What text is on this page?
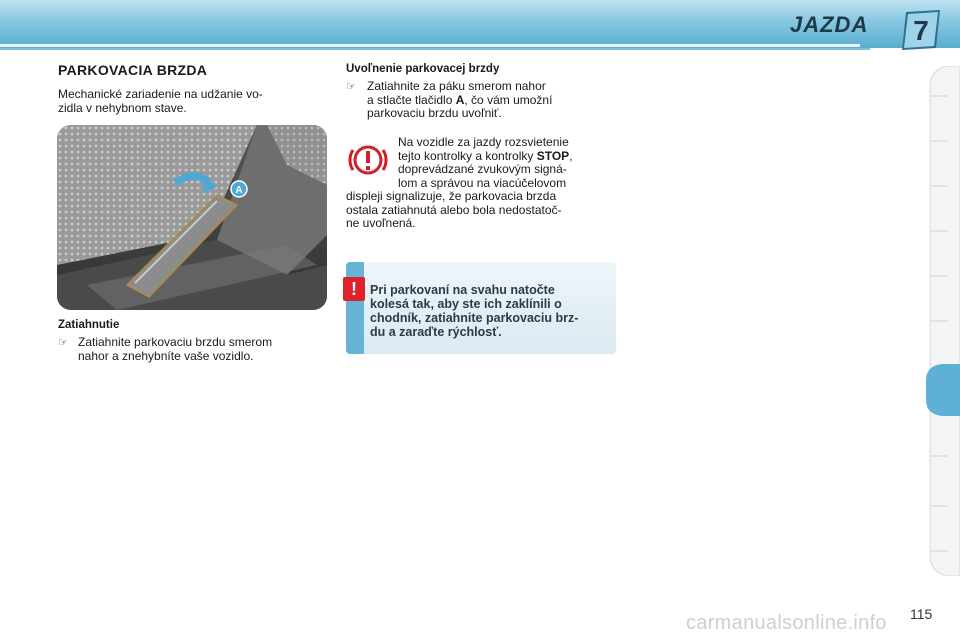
JAZDA 7
PARKOVACIA BRZDA
Mechanické zariadenie na udžanie vo-
zidla v nehybnom stave.
A
Zatiahnutie
☞ Zatiahnite parkovaciu brzdu smerom
nahor a znehybníte vaše vozidlo.
Uvoľnenie parkovacej brzdy
☞ Zatiahnite za páku smerom nahor
a stlačte tlačidlo A, čo vám umožní
parkovaciu brzdu uvoľniť.
Na vozidle za jazdy rozsvietenie
tejto kontrolky a kontrolky STOP,
doprevádzané zvukovým signá-
lom a správou na viacúčelovom
displeji signalizuje, že parkovacia brzda
ostala zatiahnutá alebo bola nedostatoč-
ne uvoľnená.
!	Pri parkovaní na svahu natočte
kolesá tak, aby ste ich zaklínili o
chodník, zatiahnite parkovaciu brz-
du a zaraďte rýchlosť.
115
carmanualsonline.info
